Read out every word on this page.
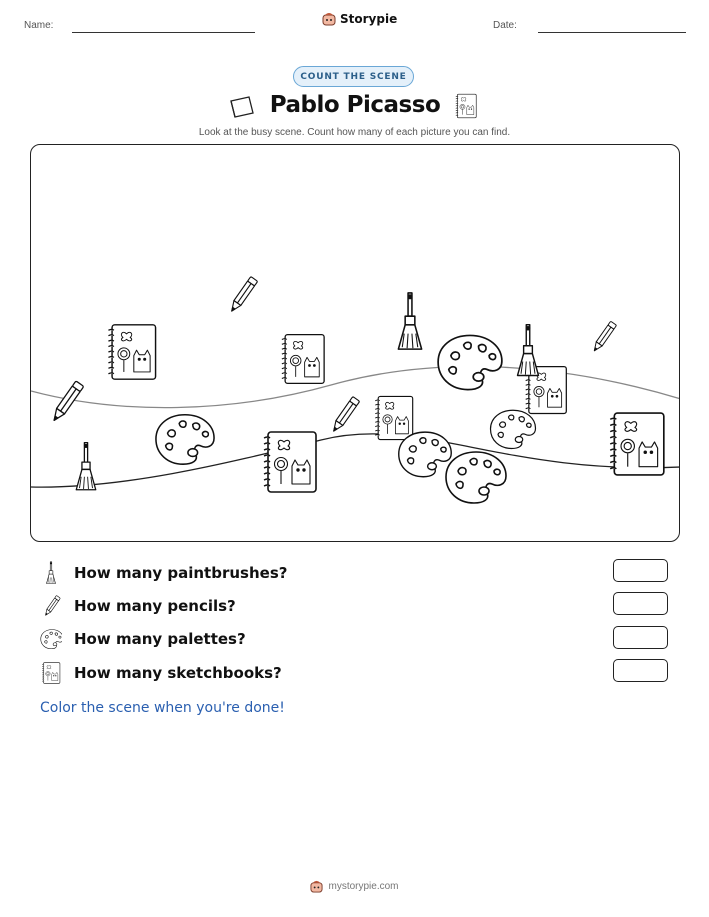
Name:	Storypie	Date:
COUNT THE SCENE
Pablo Picasso
Look at the busy scene. Count how many of each picture you can find.
How many paintbrushes?
How many pencils?
How many palettes?
How many sketchbooks?
Color the scene when you're done!
mystorypie.com
